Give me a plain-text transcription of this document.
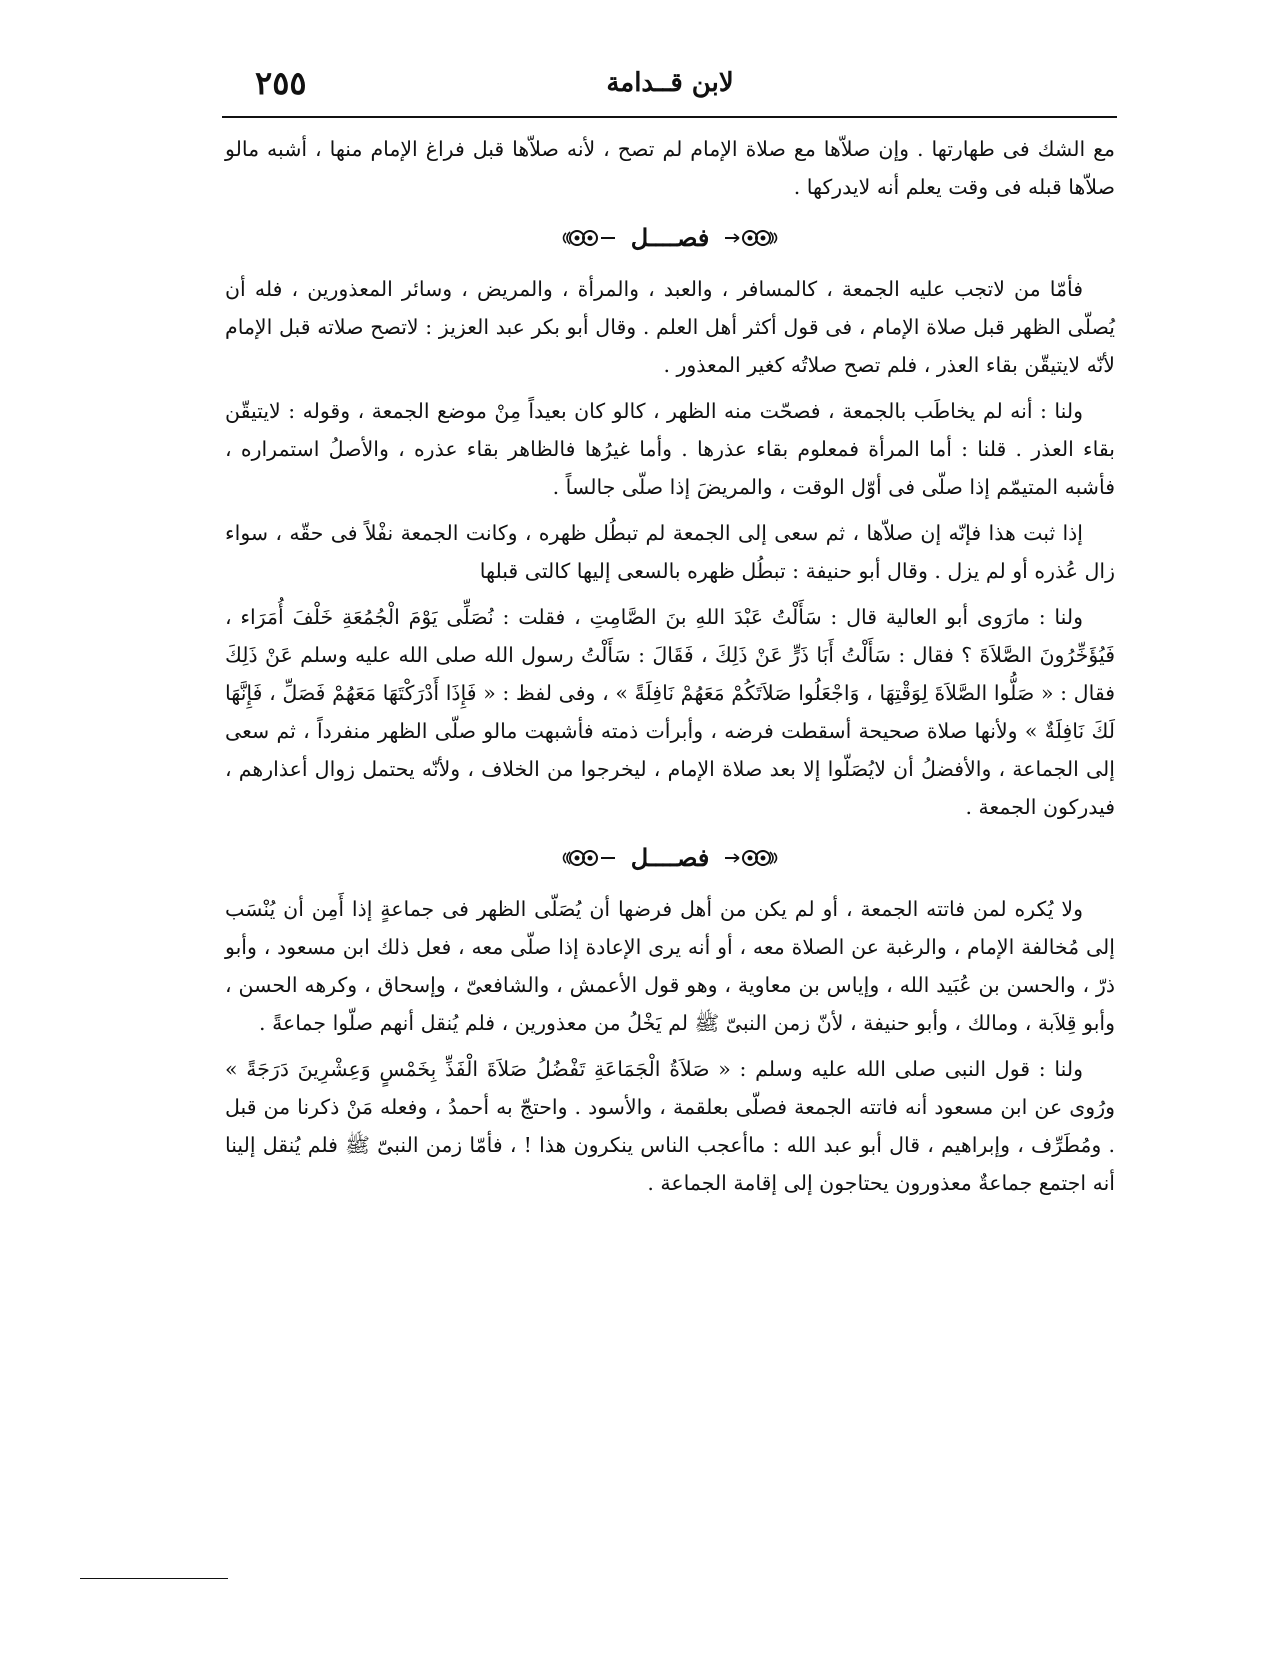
لابن قــدامة
٢٥٥

مع الشك فى طهارتها . وإن صلاّها مع صلاة الإمام لم تصح ، لأنه صلاّها قبل فراغ الإمام منها ، أشبه مالو صلاّها قبله فى وقت يعلم أنه لايدركها .

فصــــل

فأمّا من لاتجب عليه الجمعة ، كالمسافر ، والعبد ، والمرأة ، والمريض ، وسائر المعذورين ، فله أن يُصلّى الظهر قبل صلاة الإمام ، فى قول أكثر أهل العلم . وقال أبو بكر عبد العزيز : لاتصح صلاته قبل الإمام لأنّه لايتيقّن بقاء العذر ، فلم تصح صلاتُه كغير المعذور .

ولنا : أنه لم يخاطَب بالجمعة ، فصحّت منه الظهر ، كالو كان بعيداً مِنْ موضع الجمعة ، وقوله : لايتيقّن بقاء العذر . قلنا : أما المرأة فمعلوم بقاء عذرها . وأما غيرُها فالظاهر بقاء عذره ، والأصلُ استمراره ، فأشبه المتيمّم إذا صلّى فى أوّل الوقت ، والمريضَ إذا صلّى جالساً .

إذا ثبت هذا فإنّه إن صلاّها ، ثم سعى إلى الجمعة لم تبطُل ظهره ، وكانت الجمعة نفْلاً فى حقّه ، سواء زال عُذره أو لم يزل . وقال أبو حنيفة : تبطُل ظهره بالسعى إليها كالتى قبلها

ولنا : مارَوى أبو العالية قال : سَأَلْتُ عَبْدَ اللهِ بنَ الصَّامِتِ ، فقلت : نُصَلِّى يَوْمَ الْجُمُعَةِ خَلْفَ أُمَرَاء ، فَيُؤَخِّرُونَ الصَّلاَةَ ؟ فقال : سَأَلْتُ أَبَا ذَرٍّ عَنْ ذَلِكَ ، فَقَالَ : سَأَلْتُ رسول الله صلى الله عليه وسلم عَنْ ذَلِكَ فقال : « صَلُّوا الصَّلاَةَ لِوَقْتِهَا ، وَاجْعَلُوا صَلاَتَكُمْ مَعَهُمْ نَافِلَةً » ، وفى لفظ : « فَإِذَا أَدْرَكْتَهَا مَعَهُمْ فَصَلِّ ، فَإِنَّهَا لَكَ نَافِلَةٌ » ولأنها صلاة صحيحة أسقطت فرضه ، وأبرأت ذمته فأشبهت مالو صلّى الظهر منفرداً ، ثم سعى إلى الجماعة ، والأفضلُ أن لايُصَلّوا إلا بعد صلاة الإمام ، ليخرجوا من الخلاف ، ولأنّه يحتمل زوال أعذارهم ، فيدركون الجمعة .

فصــــل

ولا يُكره لمن فاتته الجمعة ، أو لم يكن من أهل فرضها أن يُصَلّى الظهر فى جماعةٍ إذا أَمِن أن يُنْسَب إلى مُخالفة الإمام ، والرغبة عن الصلاة معه ، أو أنه يرى الإعادة إذا صلّى معه ، فعل ذلك ابن مسعود ، وأبو ذرّ ، والحسن بن عُبَيد الله ، وإياس بن معاوية ، وهو قول الأعمش ، والشافعىّ ، وإسحاق ، وكرهه الحسن ، وأبو قِلاَبة ، ومالك ، وأبو حنيفة ، لأنّ زمن النبىّ ﷺ لم يَخْلُ من معذورين ، فلم يُنقل أنهم صلّوا جماعةً .

ولنا : قول النبى صلى الله عليه وسلم : « صَلاَةُ الْجَمَاعَةِ تَفْضُلُ صَلاَةَ الْفَذِّ بِخَمْسٍ وَعِشْرِينَ دَرَجَةً » ورُوى عن ابن مسعود أنه فاتته الجمعة فصلّى بعلقمة ، والأسود . واحتجّ به أحمدُ ، وفعله مَنْ ذكرنا من قبل . ومُطَرِّف ، وإبراهيم ، قال أبو عبد الله : ماأعجب الناس ينكرون هذا ! ، فأمّا زمن النبىّ ﷺ فلم يُنقل إلينا أنه اجتمع جماعةٌ معذورون يحتاجون إلى إقامة الجماعة .
